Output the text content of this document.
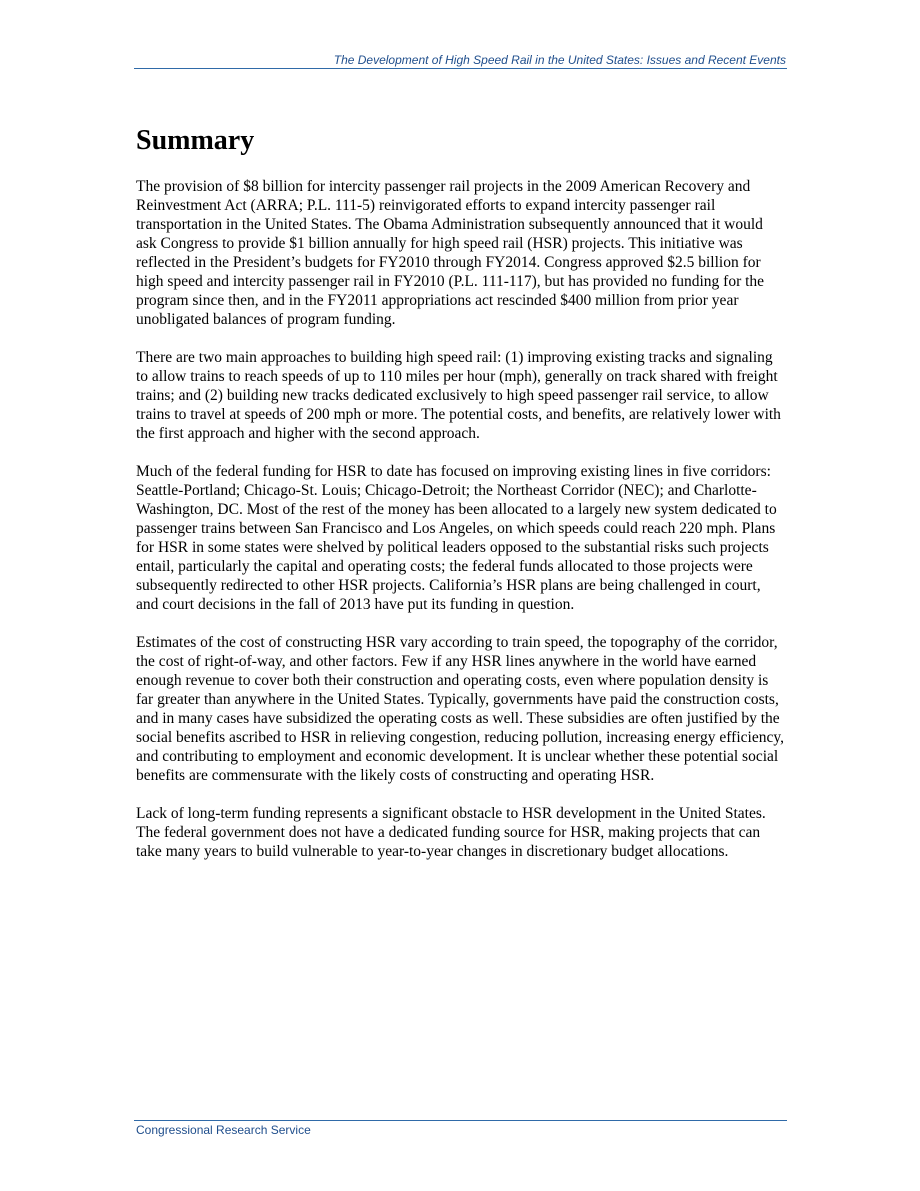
The Development of High Speed Rail in the United States: Issues and Recent Events
Summary

The provision of $8 billion for intercity passenger rail projects in the 2009 American Recovery and Reinvestment Act (ARRA; P.L. 111-5) reinvigorated efforts to expand intercity passenger rail transportation in the United States. The Obama Administration subsequently announced that it would ask Congress to provide $1 billion annually for high speed rail (HSR) projects. This initiative was reflected in the President’s budgets for FY2010 through FY2014. Congress approved $2.5 billion for high speed and intercity passenger rail in FY2010 (P.L. 111-117), but has provided no funding for the program since then, and in the FY2011 appropriations act rescinded $400 million from prior year unobligated balances of program funding.

There are two main approaches to building high speed rail: (1) improving existing tracks and signaling to allow trains to reach speeds of up to 110 miles per hour (mph), generally on track shared with freight trains; and (2) building new tracks dedicated exclusively to high speed passenger rail service, to allow trains to travel at speeds of 200 mph or more. The potential costs, and benefits, are relatively lower with the first approach and higher with the second approach.

Much of the federal funding for HSR to date has focused on improving existing lines in five corridors: Seattle-Portland; Chicago-St. Louis; Chicago-Detroit; the Northeast Corridor (NEC); and Charlotte-Washington, DC. Most of the rest of the money has been allocated to a largely new system dedicated to passenger trains between San Francisco and Los Angeles, on which speeds could reach 220 mph. Plans for HSR in some states were shelved by political leaders opposed to the substantial risks such projects entail, particularly the capital and operating costs; the federal funds allocated to those projects were subsequently redirected to other HSR projects. California’s HSR plans are being challenged in court, and court decisions in the fall of 2013 have put its funding in question.

Estimates of the cost of constructing HSR vary according to train speed, the topography of the corridor, the cost of right-of-way, and other factors. Few if any HSR lines anywhere in the world have earned enough revenue to cover both their construction and operating costs, even where population density is far greater than anywhere in the United States. Typically, governments have paid the construction costs, and in many cases have subsidized the operating costs as well. These subsidies are often justified by the social benefits ascribed to HSR in relieving congestion, reducing pollution, increasing energy efficiency, and contributing to employment and economic development. It is unclear whether these potential social benefits are commensurate with the likely costs of constructing and operating HSR.

Lack of long-term funding represents a significant obstacle to HSR development in the United States. The federal government does not have a dedicated funding source for HSR, making projects that can take many years to build vulnerable to year-to-year changes in discretionary budget allocations.

Congressional Research Service
